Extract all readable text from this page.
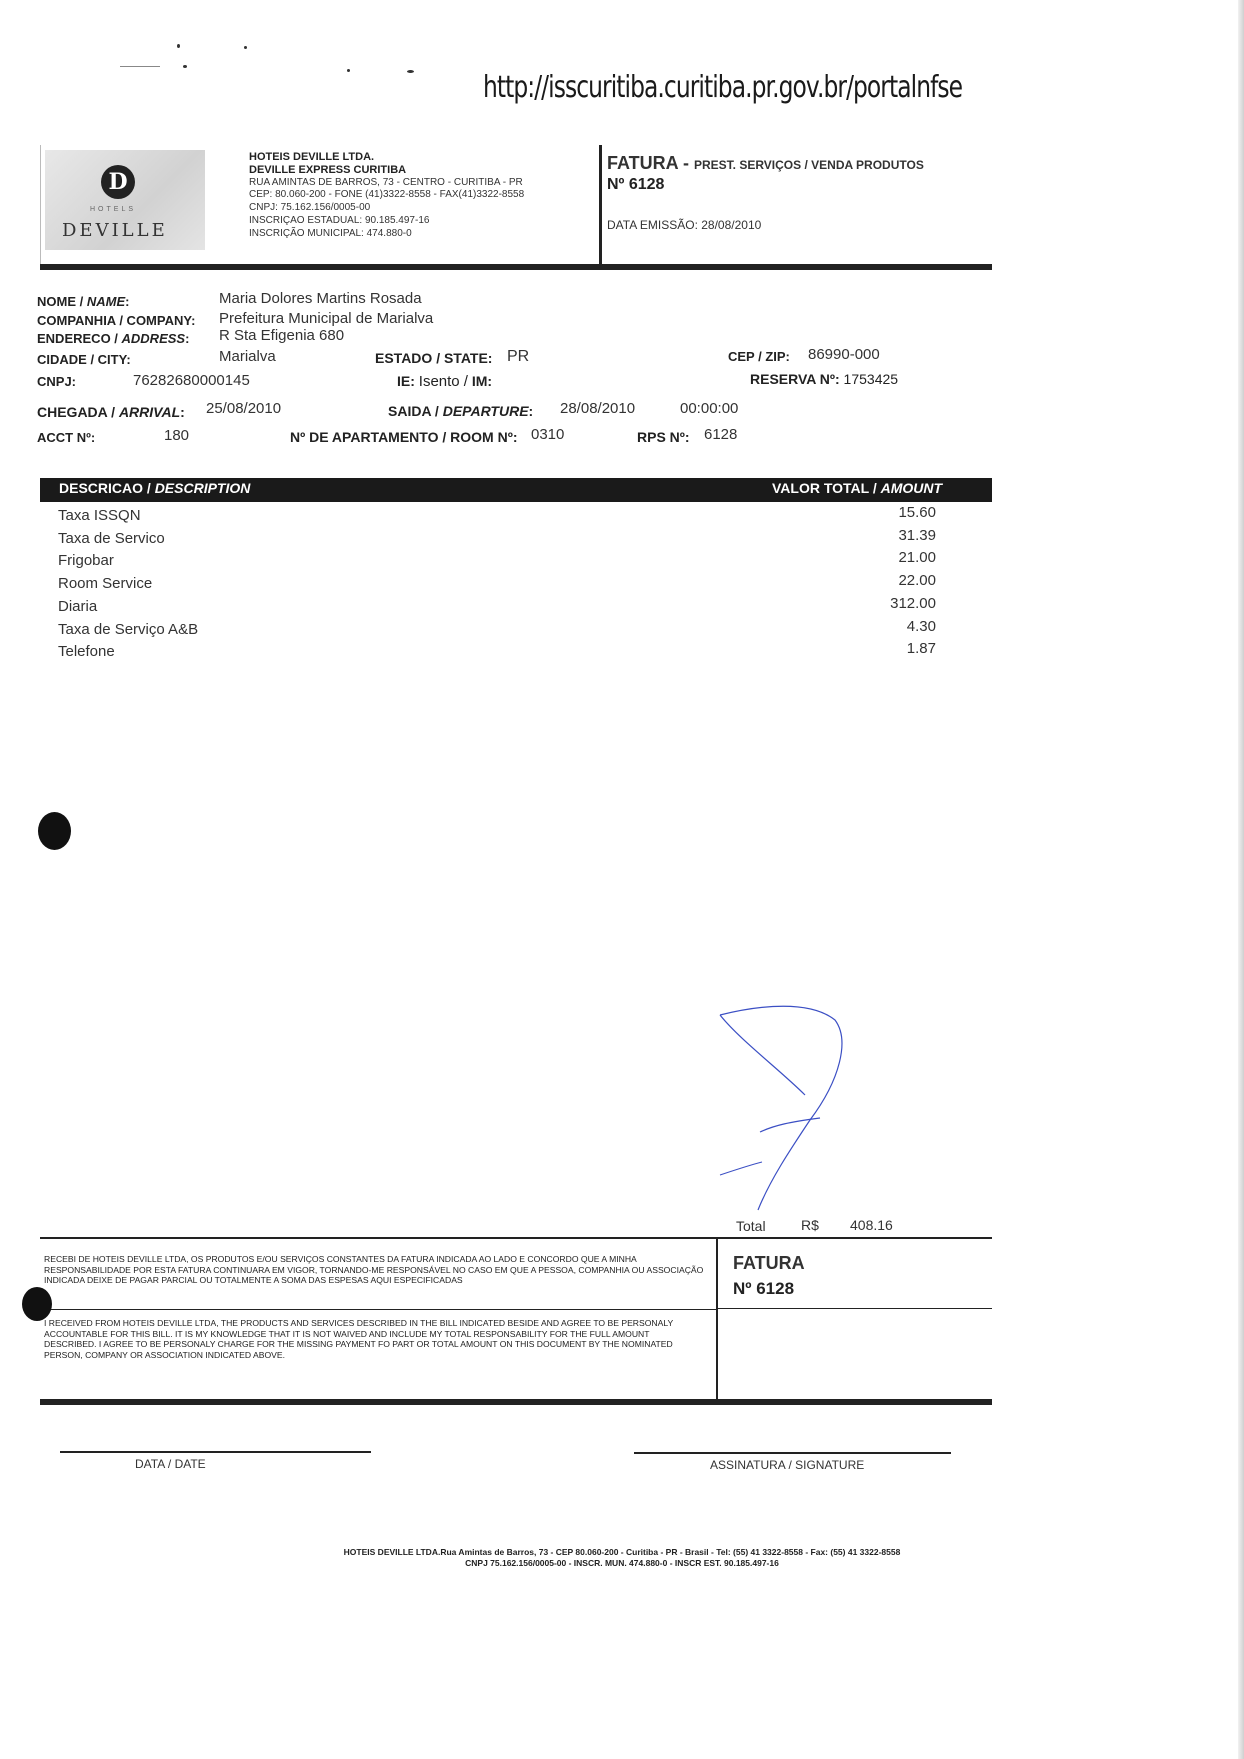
http://isscuritiba.curitiba.pr.gov.br/portalnfse
D
HOTELS
DEVILLE
HOTEIS DEVILLE LTDA.
DEVILLE EXPRESS CURITIBA
RUA AMINTAS DE BARROS, 73 - CENTRO - CURITIBA - PR
CEP: 80.060-200 - FONE (41)3322-8558 - FAX(41)3322-8558
CNPJ: 75.162.156/0005-00
INSCRIÇAO ESTADUAL: 90.185.497-16
INSCRIÇÃO MUNICIPAL: 474.880-0
FATURA - PREST. SERVIÇOS / VENDA PRODUTOS
Nº 6128
DATA EMISSÃO: 28/08/2010
NOME / NAME:	Maria Dolores Martins Rosada
COMPANHIA / COMPANY: Prefeitura Municipal de Marialva
ENDERECO / ADDRESS: R Sta Efigenia 680
CIDADE / CITY:	Marialva	ESTADO / STATE: PR	CEP / ZIP: 86990-000
CNPJ:	76282680000145	IE: Isento / IM:	RESERVA Nº: 1753425
CHEGADA / ARRIVAL: 25/08/2010	SAIDA / DEPARTURE: 28/08/2010	00:00:00
ACCT Nº:	180	Nº DE APARTAMENTO / ROOM Nº: 0310	RPS Nº: 6128
DESCRICAO / DESCRIPTION	VALOR TOTAL / AMOUNT
Taxa ISSQN	15.60
Taxa de Servico	31.39
Frigobar	21.00
Room Service	22.00
Diaria	312.00
Taxa de Serviço A&B	4.30
Telefone	1.87
Total	R$ 408.16
RECEBI DE HOTEIS DEVILLE LTDA, OS PRODUTOS E/OU SERVIÇOS CONSTANTES DA FATURA INDICADA AO LADO E CONCORDO QUE A MINHA RESPONSABILIDADE POR ESTA FATURA CONTINUARA EM VIGOR, TORNANDO-ME RESPONSÁVEL NO CASO EM QUE A PESSOA, COMPANHIA OU ASSOCIAÇÃO INDICADA DEIXE DE PAGAR PARCIAL OU TOTALMENTE A SOMA DAS ESPESAS AQUI ESPECIFICADAS
I RECEIVED FROM HOTEIS DEVILLE LTDA, THE PRODUCTS AND SERVICES DESCRIBED IN THE BILL INDICATED BESIDE AND AGREE TO BE PERSONALY ACCOUNTABLE FOR THIS BILL. IT IS MY KNOWLEDGE THAT IT IS NOT WAIVED AND INCLUDE MY TOTAL RESPONSABILITY FOR THE FULL AMOUNT DESCRIBED. I AGREE TO BE PERSONALY CHARGE FOR THE MISSING PAYMENT FO PART OR TOTAL AMOUNT ON THIS DOCUMENT BY THE NOMINATED PERSON, COMPANY OR ASSOCIATION INDICATED ABOVE.
FATURA
Nº 6128
DATA / DATE	ASSINATURA / SIGNATURE
HOTEIS DEVILLE LTDA.Rua Amintas de Barros, 73 - CEP 80.060-200 - Curitiba - PR - Brasil - Tel: (55) 41 3322-8558 - Fax: (55) 41 3322-8558
CNPJ 75.162.156/0005-00 - INSCR. MUN. 474.880-0 - INSCR EST. 90.185.497-16
